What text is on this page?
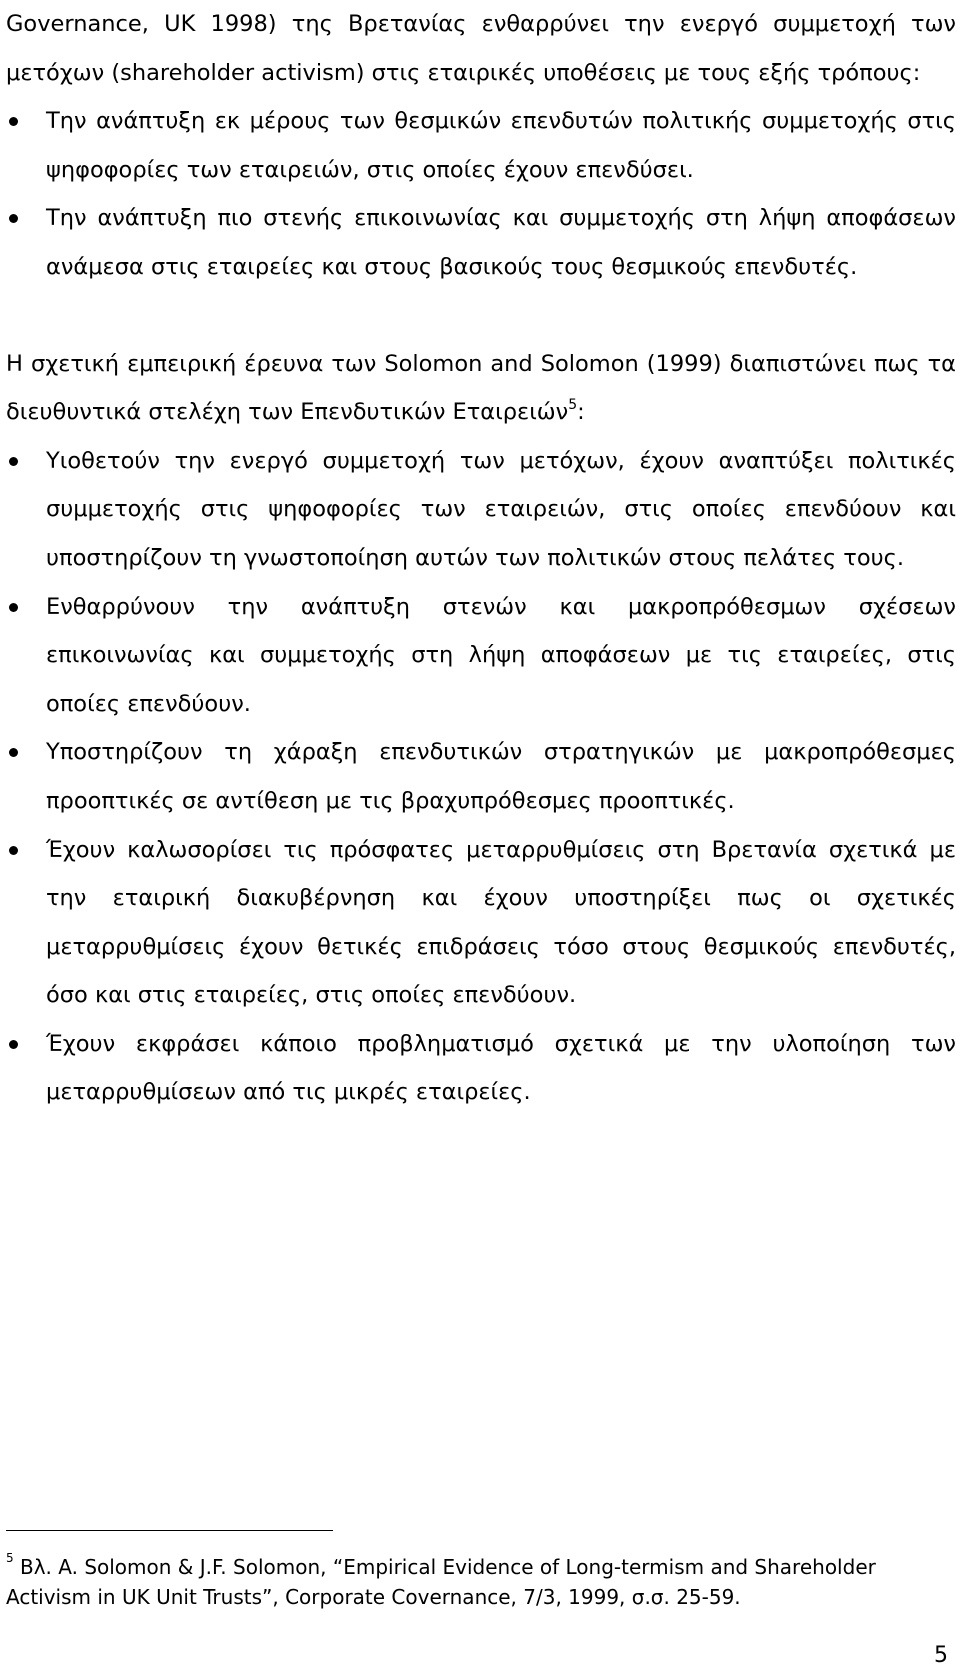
Governance, UK 1998) της Βρετανίας ενθαρρύνει την ενεργό συμμετοχή των μετόχων (shareholder activism) στις εταιρικές υποθέσεις με τους εξής τρόπους:

Την ανάπτυξη εκ μέρους των θεσμικών επενδυτών πολιτικής συμμετοχής στις ψηφοφορίες των εταιρειών, στις οποίες έχουν επενδύσει.
Την ανάπτυξη πιο στενής επικοινωνίας και συμμετοχής στη λήψη αποφάσεων ανάμεσα στις εταιρείες και στους βασικούς τους θεσμικούς επενδυτές.

Η σχετική εμπειρική έρευνα των Solomon and Solomon (1999) διαπιστώνει πως τα διευθυντικά στελέχη των Επενδυτικών Εταιρειών$^5$:

Υιοθετούν την ενεργό συμμετοχή των μετόχων, έχουν αναπτύξει πολιτικές συμμετοχής στις ψηφοφορίες των εταιρειών, στις οποίες επενδύουν και υποστηρίζουν τη γνωστοποίηση αυτών των πολιτικών στους πελάτες τους.
Ενθαρρύνουν την ανάπτυξη στενών και μακροπρόθεσμων σχέσεων επικοινωνίας και συμμετοχής στη λήψη αποφάσεων με τις εταιρείες, στις οποίες επενδύουν.
Υποστηρίζουν τη χάραξη επενδυτικών στρατηγικών με μακροπρόθεσμες προοπτικές σε αντίθεση με τις βραχυπρόθεσμες προοπτικές.
Έχουν καλωσορίσει τις πρόσφατες μεταρρυθμίσεις στη Βρετανία σχετικά με την εταιρική διακυβέρνηση και έχουν υποστηρίξει πως οι σχετικές μεταρρυθμίσεις έχουν θετικές επιδράσεις τόσο στους θεσμικούς επενδυτές, όσο και στις εταιρείες, στις οποίες επενδύουν.
Έχουν εκφράσει κάποιο προβληματισμό σχετικά με την υλοποίηση των μεταρρυθμίσεων από τις μικρές εταιρείες.
$^5$ Βλ. A. Solomon & J.F. Solomon, “Empirical Evidence of Long-termism and Shareholder Activism in UK Unit Trusts”, Corporate Covernance, 7/3, 1999, σ.σ. 25-59.
5
